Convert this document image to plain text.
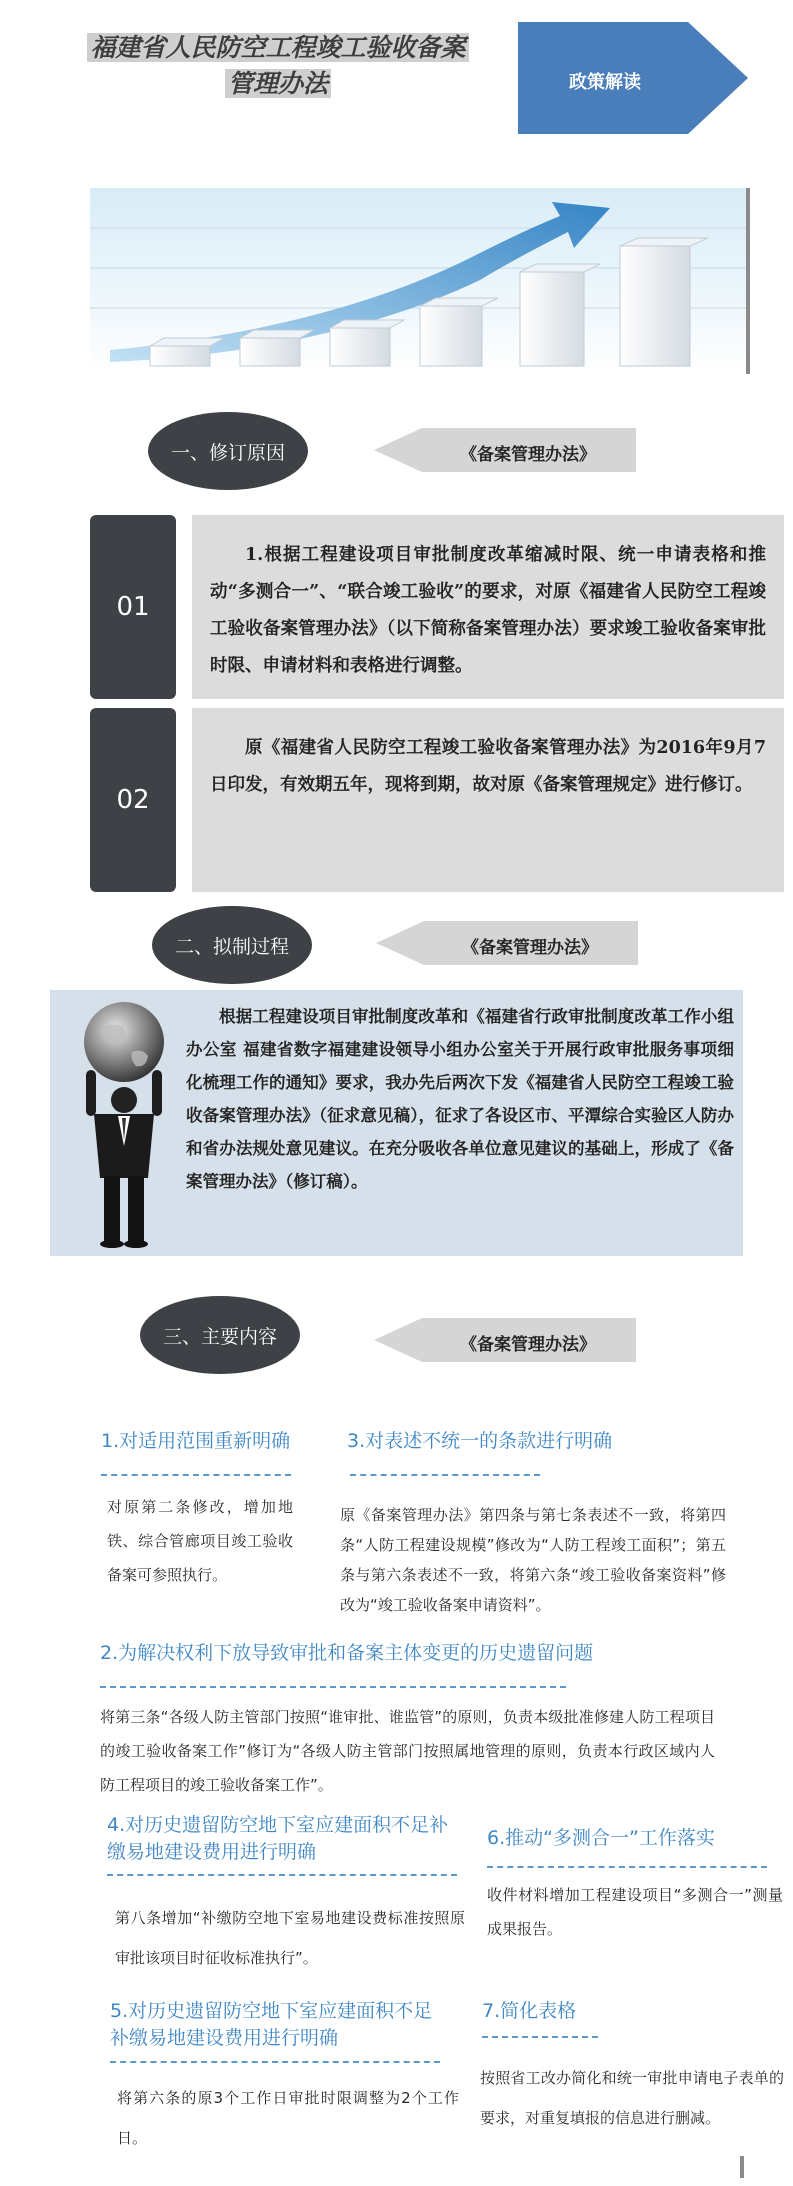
福建省人民防空工程竣工验收备案
管理办法	政策解读
一、修订原因	《备案管理办法》
01
1.根据工程建设项目审批制度改革缩减时限、统一申请表格和推动“多测合一”、“联合竣工验收”的要求，对原《福建省人民防空工程竣工验收备案管理办法》（以下简称备案管理办法）要求竣工验收备案审批时限、申请材料和表格进行调整。
02
原《福建省人民防空工程竣工验收备案管理办法》为2016年9月7日印发，有效期五年，现将到期，故对原《备案管理规定》进行修订。
二、拟制过程	《备案管理办法》
根据工程建设项目审批制度改革和《福建省行政审批制度改革工作小组办公室 福建省数字福建建设领导小组办公室关于开展行政审批服务事项细化梳理工作的通知》要求，我办先后两次下发《福建省人民防空工程竣工验收备案管理办法》（征求意见稿），征求了各设区市、平潭综合实验区人防办和省办法规处意见建议。在充分吸收各单位意见建议的基础上，形成了《备案管理办法》（修订稿）。
三、主要内容	《备案管理办法》
1.对适用范围重新明确
对原第二条修改，增加地铁、综合管廊项目竣工验收备案可参照执行。
3.对表述不统一的条款进行明确
原《备案管理办法》第四条与第七条表述不一致，将第四条“人防工程建设规模”修改为“人防工程竣工面积”；第五条与第六条表述不一致，将第六条“竣工验收备案资料”修改为“竣工验收备案申请资料”。
2.为解决权利下放导致审批和备案主体变更的历史遗留问题
将第三条“各级人防主管部门按照“谁审批、谁监管”的原则，负责本级批准修建人防工程项目的竣工验收备案工作”修订为“各级人防主管部门按照属地管理的原则，负责本行政区域内人防工程项目的竣工验收备案工作”。
4.对历史遗留防空地下室应建面积不足补缴易地建设费用进行明确
第八条增加“补缴防空地下室易地建设费标准按照原审批该项目时征收标准执行”。
6.推动“多测合一”工作落实
收件材料增加工程建设项目“多测合一”测量成果报告。
5.对历史遗留防空地下室应建面积不足补缴易地建设费用进行明确
将第六条的原3个工作日审批时限调整为2个工作日。
7.简化表格
按照省工改办简化和统一审批申请电子表单的要求，对重复填报的信息进行删减。
